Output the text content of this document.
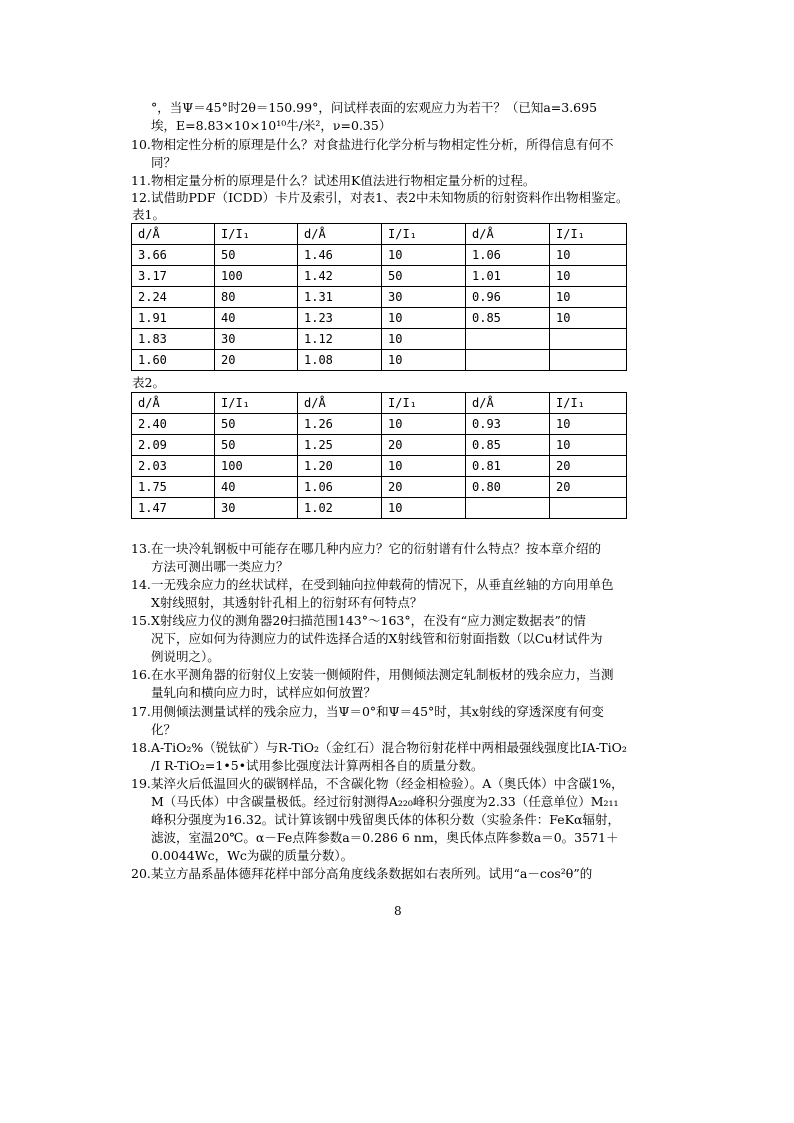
°，当Ψ＝45°时2θ＝150.99°，问试样表面的宏观应力为若干？（已知a=3.695
埃，E=8.83×10×10¹⁰牛/米²，ν=0.35）
10. 物相定性分析的原理是什么？对食盐进行化学分析与物相定性分析，所得信息有何不
同？
11. 物相定量分析的原理是什么？试述用K值法进行物相定量分析的过程。
12. 试借助PDF（ICDD）卡片及索引，对表1、表2中未知物质的衍射资料作出物相鉴定。
表1。
d/Å	I/I₁	d/Å	I/I₁	d/Å	I/I₁
3.66	50	1.46	10	1.06	10
3.17	100	1.42	50	1.01	10
2.24	80	1.31	30	0.96	10
1.91	40	1.23	10	0.85	10
1.83	30	1.12	10		
1.60	20	1.08	10		
表2。
d/Å	I/I₁	d/Å	I/I₁	d/Å	I/I₁
2.40	50	1.26	10	0.93	10
2.09	50	1.25	20	0.85	10
2.03	100	1.20	10	0.81	20
1.75	40	1.06	20	0.80	20
1.47	30	1.02	10		
13. 在一块冷轧钢板中可能存在哪几种内应力？它的衍射谱有什么特点？按本章介绍的
方法可测出哪一类应力？
14. 一无残余应力的丝状试样，在受到轴向拉伸载荷的情况下，从垂直丝轴的方向用单色
X射线照射，其透射针孔相上的衍射环有何特点？
15. X射线应力仪的测角器2θ扫描范围143°～163°，在没有“应力测定数据表”的情
况下，应如何为待测应力的试件选择合适的X射线管和衍射面指数（以Cu材试件为
例说明之）。
16. 在水平测角器的衍射仪上安装一侧倾附件，用侧倾法测定轧制板材的残余应力，当测
量轧向和横向应力时，试样应如何放置？
17. 用侧倾法测量试样的残余应力，当Ψ＝0°和Ψ＝45°时，其x射线的穿透深度有何变
化？
18. A-TiO₂%（锐钛矿）与R-TiO₂（金红石）混合物衍射花样中两相最强线强度比IA-TiO₂
/I R-TiO₂=1•5•试用参比强度法计算两相各自的质量分数。
19. 某淬火后低温回火的碳钢样品，不含碳化物（经金相检验）。A（奥氏体）中含碳1%，
M（马氏体）中含碳量极低。经过衍射测得A₂₂₀峰积分强度为2.33（任意单位）M₂₁₁
峰积分强度为16.32。试计算该钢中残留奥氏体的体积分数（实验条件：FeKα辐射，
滤波，室温20℃。α－Fe点阵参数a＝0.286 6 nm，奥氏体点阵参数a＝0。3571＋
0.0044Wc，Wc为碳的质量分数）。
20. 某立方晶系晶体德拜花样中部分高角度线条数据如右表所列。试用“a－cos²θ”的
8
